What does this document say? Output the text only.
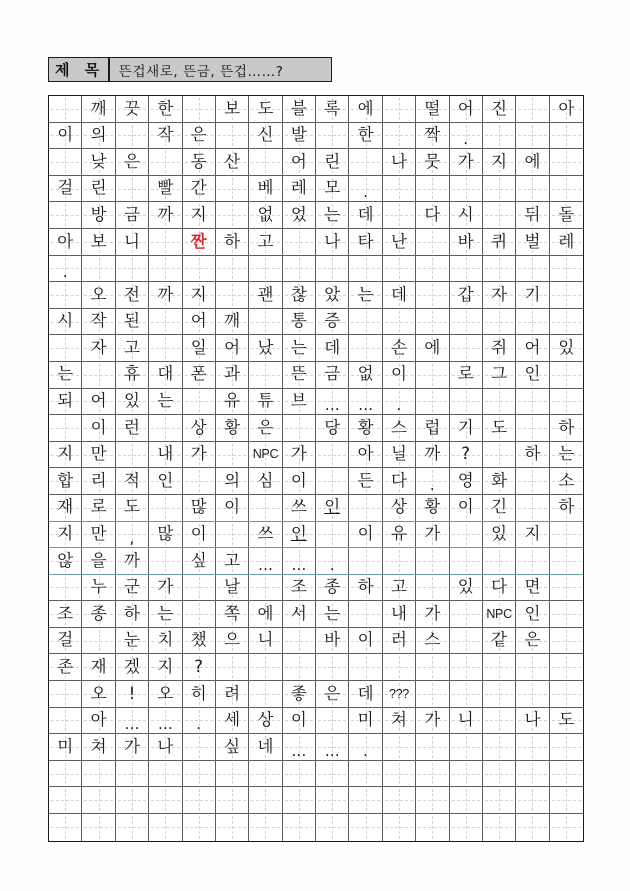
제 목	뜬겁새로, 뜬금, 뜬겁……?
깨 끗 한	보 도 블 록 에	떨 어 진	아
이 의	작 은	신 발	한	짝 .
낮 은	동 산	어 린	나 뭇 가 지 에
걸 린	빨 간	베 레 모 .
방 금 까 지	없 었 는 데	다 시	뒤 돌
아 보 니	짠 하 고	나 타 난	바 퀴 벌 레
.
오 전 까 지	괜 찮 았 는 데	갑 자 기
시 작 된	어 깨	통 증
자 고	일 어 났 는 데	손 에	쥐 어 있
는	휴 대 폰 과	뜬 금 없 이	로 그 인
되 어 있 는	유 튜 브 … … .
이 런	상 황 은	당 황 스 럽 기 도	하
지 만	내 가	NPC 가	아 닐 까 ?	하 는
합 리 적 인	의 심 이	든 다 . 영 화	소
재 로 도	많 이	쓰 인	상 황 이 긴	하
지 만 , 많 이	쓰 인	이 유 가	있 지
않 을 까	싶 고 … … .
누 군 가	날	조 종 하 고	있 다 면
조 종 하 는	쪽 에 서 는	내 가	NPC 인
걸	눈 치 챘 으 니	바 이 러 스	같 은
존 재 겠 지 ?
오 ! 오 히 려	좋 은 데 ???
아 … … . 세 상 이	미 쳐 가 니	나 도
미 쳐 가 나	싶 네 … … .
